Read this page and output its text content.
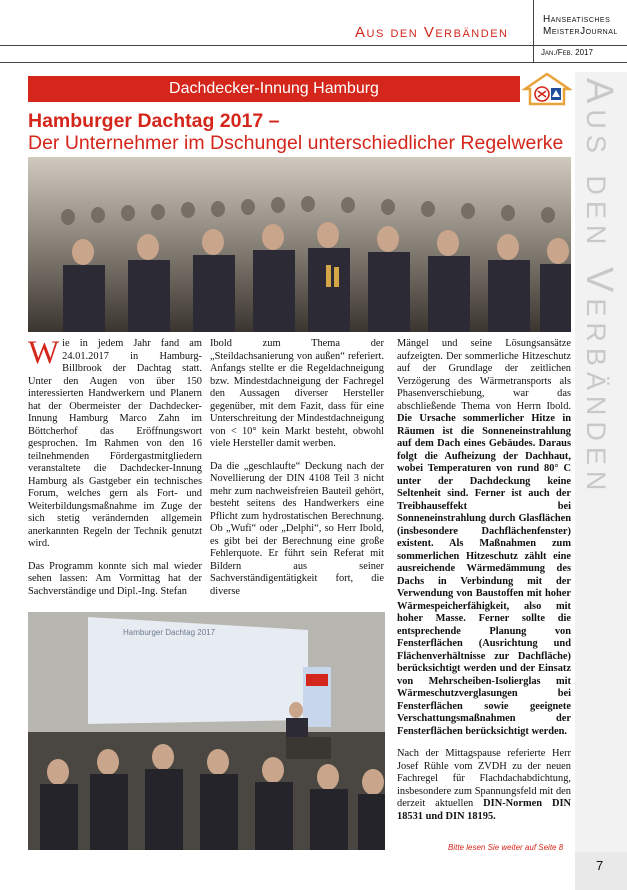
Aus den Verbänden
Hanseatisches
MeisterJournal
Jan./Feb. 2017
Aus den Verbänden
Dachdecker-Innung Hamburg
Hamburger Dachtag 2017 –
Der Unternehmer im Dschungel unterschiedlicher Regelwerke

Wie in jedem Jahr fand am 24.01.2017 in Hamburg-Billbrook der Dachtag statt. Unter den Augen von über 150 interessierten Handwerkern und Planern hat der Obermeister der Dachdecker-Innung Hamburg Marco Zahn im Böttcherhof das Eröffnungswort gesprochen. Im Rahmen von den 16 teilnehmenden Fördergastmitgliedern veranstaltete die Dachdecker-Innung Hamburg als Gastgeber ein technisches Forum, welches gern als Fort- und Weiterbildungsmaßnahme im Zuge der sich stetig verändernden allgemein anerkannten Regeln der Technik genutzt wird.

Das Programm konnte sich mal wieder sehen lassen: Am Vormittag hat der Sachverständige und Dipl.-Ing. Stefan

Ibold zum Thema der „Steildachsanierung von außen“ referiert. Anfangs stellte er die Regeldachneigung bzw. Mindestdachneigung der Fachregel den Aussagen diverser Hersteller gegenüber, mit dem Fazit, dass für eine Unterschreitung der Mindestdachneigung von < 10° kein Markt besteht, obwohl viele Hersteller damit werben.

Da die „geschlaufte“ Deckung nach der Novellierung der DIN 4108 Teil 3 nicht mehr zum nachweisfreien Bauteil gehört, besteht seitens des Handwerkers eine Pflicht zum hydrostatischen Berechnung. Ob „Wufi“ oder „Delphi“, so Herr Ibold, es gibt bei der Berechnung eine große Fehlerquote. Er führt sein Referat mit Bildern aus seiner Sachverständigentätigkeit fort, die diverse

Mängel und seine Lösungsansätze aufzeigten. Der sommerliche Hitzeschutz auf der Grundlage der zeitlichen Verzögerung des Wärmetransports als Phasenverschiebung, war das abschließende Thema von Herrn Ibold. Die Ursache sommerlicher Hitze in Räumen ist die Sonneneinstrahlung auf dem Dach eines Gebäudes. Daraus folgt die Aufheizung der Dachhaut, wobei Temperaturen von rund 80° C unter der Dachdeckung keine Seltenheit sind. Ferner ist auch der Treibhauseffekt bei Sonneneinstrahlung durch Glasflächen (insbesondere Dachflächenfenster) existent. Als Maßnahmen zum sommerlichen Hitzeschutz zählt eine ausreichende Wärmedämmung des Dachs in Verbindung mit der Verwendung von Baustoffen mit hoher Wärmespeicherfähigkeit, also mit hoher Masse. Ferner sollte die entsprechende Planung von Fensterflächen (Ausrichtung und Flächenverhältnisse zur Dachfläche) berücksichtigt werden und der Einsatz von Mehrscheiben-Isolierglas mit Wärmeschutzverglasungen bei Fensterflächen sowie geeignete Verschattungsmaßnahmen der Fensterflächen berücksichtigt werden.

Nach der Mittagspause referierte Herr Josef Rühle vom ZVDH zu der neuen Fachregel für Flachdachabdichtung, insbesondere zum Spannungsfeld mit den derzeit aktuellen DIN-Normen DIN 18531 und DIN 18195.

Hamburger Dachtag 2017
Bitte lesen Sie weiter auf Seite 8
7
